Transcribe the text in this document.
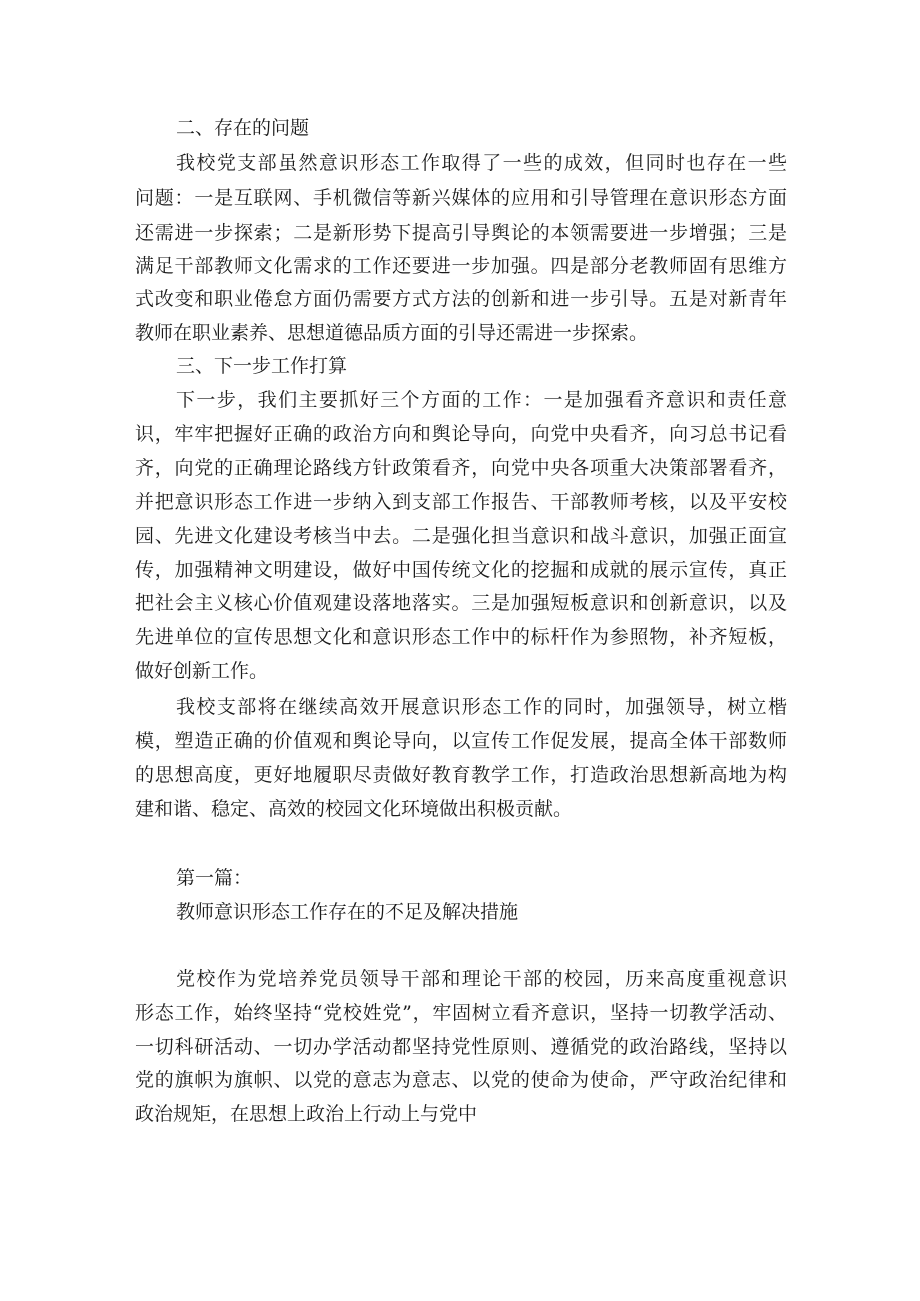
二、存在的问题
我校党支部虽然意识形态工作取得了一些的成效，但同时也存在一些
问题：一是互联网、手机微信等新兴媒体的应用和引导管理在意识形态方面
还需进一步探索；二是新形势下提高引导舆论的本领需要进一步增强；三是
满足干部教师文化需求的工作还要进一步加强。四是部分老教师固有思维方
式改变和职业倦怠方面仍需要方式方法的创新和进一步引导。五是对新青年
教师在职业素养、思想道德品质方面的引导还需进一步探索。
三、下一步工作打算
下一步，我们主要抓好三个方面的工作：一是加强看齐意识和责任意
识，牢牢把握好正确的政治方向和舆论导向，向党中央看齐，向习总书记看
齐，向党的正确理论路线方针政策看齐，向党中央各项重大决策部署看齐，
并把意识形态工作进一步纳入到支部工作报告、干部教师考核，以及平安校
园、先进文化建设考核当中去。二是强化担当意识和战斗意识，加强正面宣
传，加强精神文明建设，做好中国传统文化的挖掘和成就的展示宣传，真正
把社会主义核心价值观建设落地落实。三是加强短板意识和创新意识，以及
先进单位的宣传思想文化和意识形态工作中的标杆作为参照物，补齐短板，
做好创新工作。
我校支部将在继续高效开展意识形态工作的同时，加强领导，树立楷
模，塑造正确的价值观和舆论导向，以宣传工作促发展，提高全体干部数师
的思想高度，更好地履职尽责做好教育教学工作，打造政治思想新高地为构
建和谐、稳定、高效的校园文化环境做出积极贡献。
第一篇：
教师意识形态工作存在的不足及解决措施
党校作为党培养党员领导干部和理论干部的校园，历来高度重视意识
形态工作，始终坚持“党校姓党”，牢固树立看齐意识，坚持一切教学活动、
一切科研活动、一切办学活动都坚持党性原则、遵循党的政治路线，坚持以
党的旗帜为旗帜、以党的意志为意志、以党的使命为使命，严守政治纪律和
政治规矩，在思想上政治上行动上与党中
